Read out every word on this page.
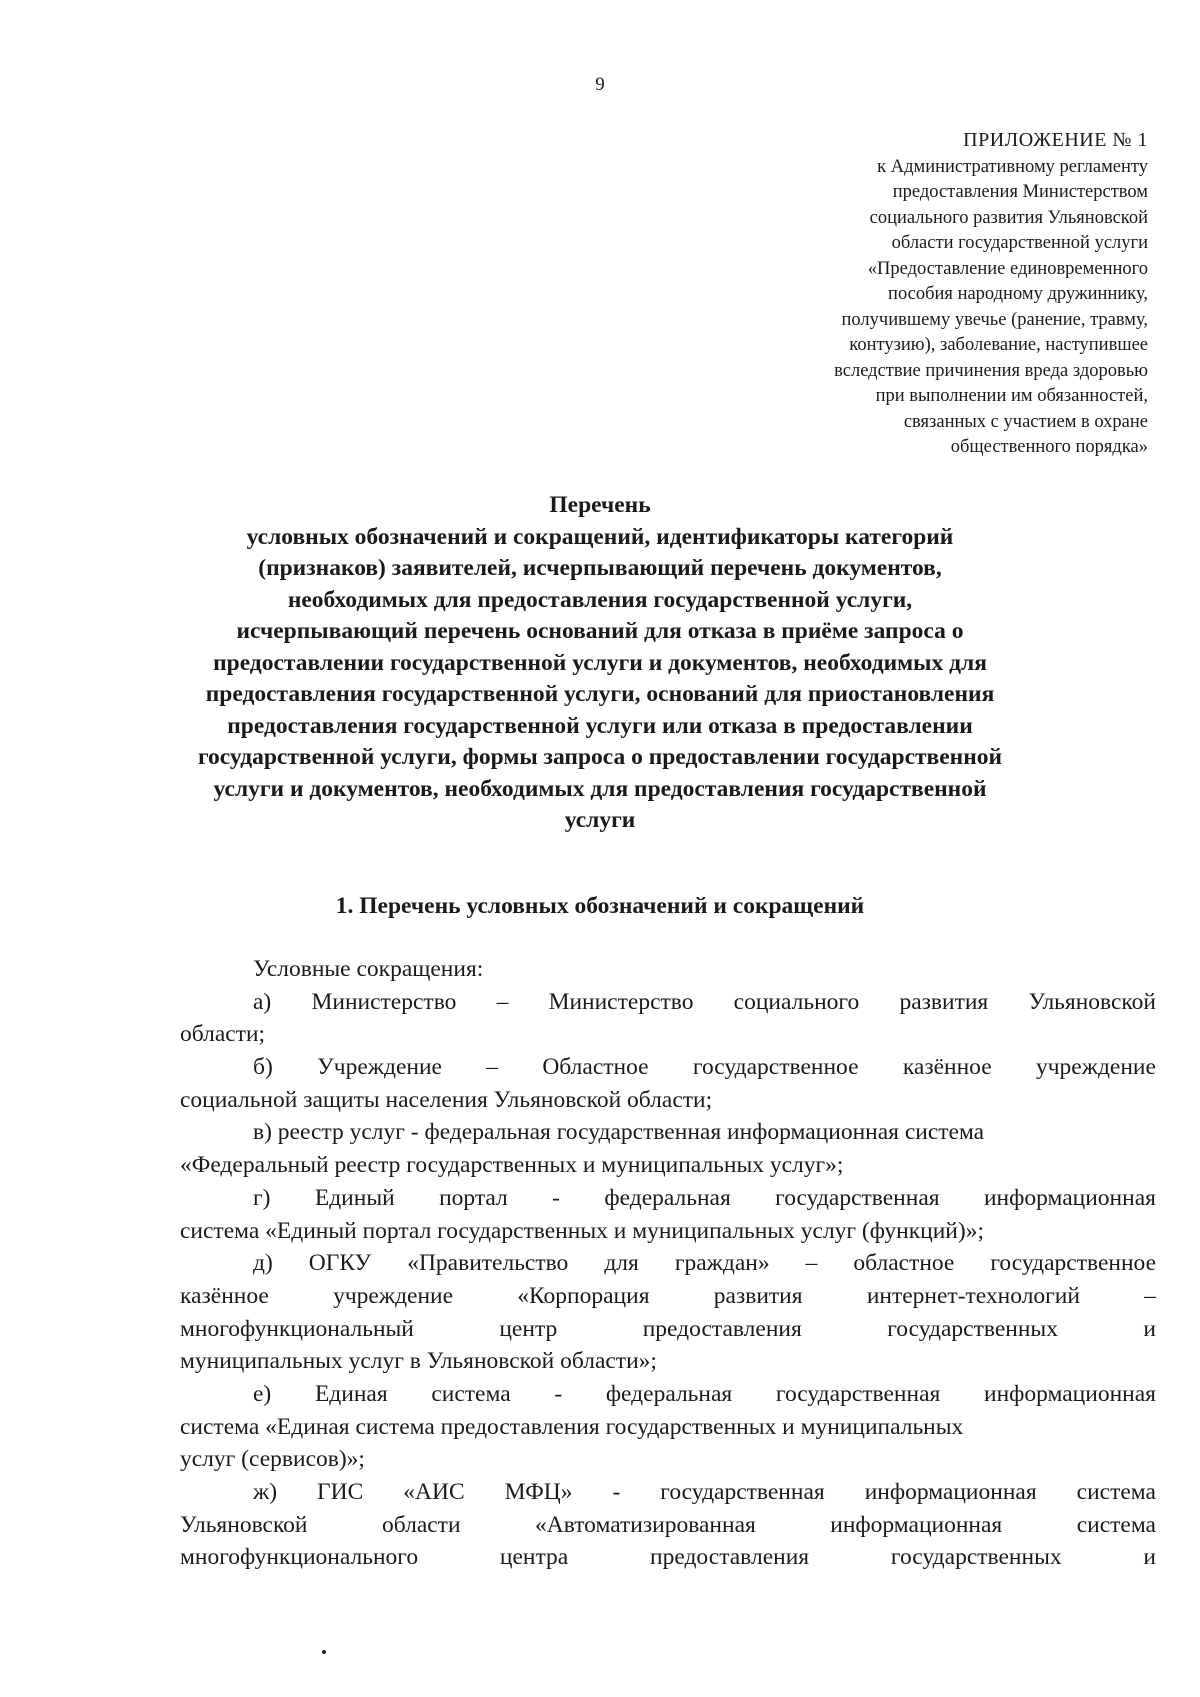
9
ПРИЛОЖЕНИЕ № 1
к Административному регламенту
предоставления Министерством
социального развития Ульяновской
области государственной услуги
«Предоставление единовременного
пособия народному дружиннику,
получившему увечье (ранение, травму,
контузию), заболевание, наступившее
вследствие причинения вреда здоровью
при выполнении им обязанностей,
связанных с участием в охране
общественного порядка»
Перечень
условных обозначений и сокращений, идентификаторы категорий
(признаков) заявителей, исчерпывающий перечень документов,
необходимых для предоставления государственной услуги,
исчерпывающий перечень оснований для отказа в приёме запроса о
предоставлении государственной услуги и документов, необходимых для
предоставления государственной услуги, оснований для приостановления
предоставления государственной услуги или отказа в предоставлении
государственной услуги, формы запроса о предоставлении государственной
услуги и документов, необходимых для предоставления государственной
услуги
1. Перечень условных обозначений и сокращений
Условные сокращения:
а) Министерство – Министерство социального развития Ульяновской
области;
б) Учреждение – Областное государственное казённое учреждение
социальной защиты населения Ульяновской области;
в) реестр услуг - федеральная государственная информационная система
«Федеральный реестр государственных и муниципальных услуг»;
г) Единый портал - федеральная государственная информационная
система «Единый портал государственных и муниципальных услуг (функций)»;
д) ОГКУ «Правительство для граждан» – областное государственное
казённое	учреждение	«Корпорация	развития	интернет-технологий	–
многофункциональный	центр	предоставления	государственных	и
муниципальных услуг в Ульяновской области»;
е) Единая система - федеральная государственная информационная
система «Единая система предоставления государственных и муниципальных
услуг (сервисов)»;
ж) ГИС «АИС МФЦ» - государственная информационная система
Ульяновской	области	«Автоматизированная	информационная	система
многофункционального	центра	предоставления	государственных	и
